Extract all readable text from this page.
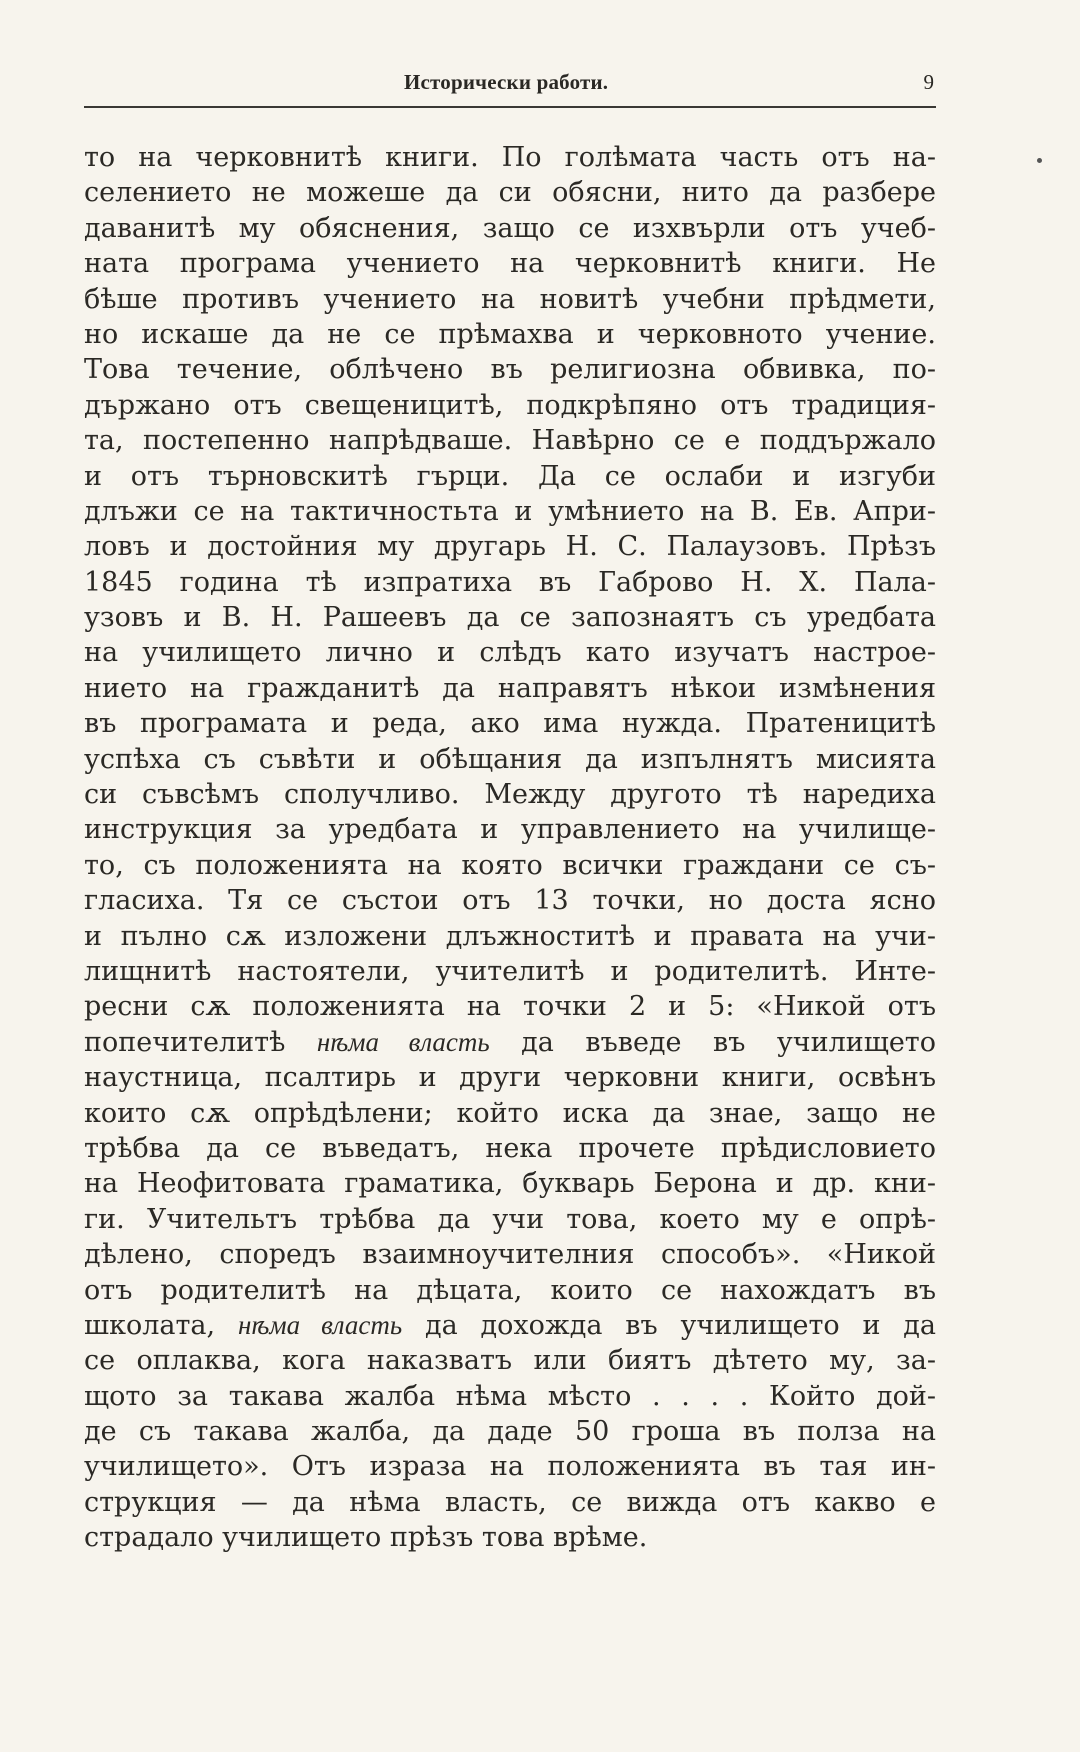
Исторически работи.	9
то на черковнитѣ книги. По голѣмата часть отъ на-
селението не можеше да си обясни, нито да разбере
даванитѣ му обяснения, защо се изхвърли отъ учеб-
ната програма учението на черковнитѣ книги. Не
бѣше противъ учението на новитѣ учебни прѣдмети,
но искаше да не се прѣмахва и черковното учение.
Това течение, облѣчено въ религиозна обвивка, по-
държано отъ свещеницитѣ, подкрѣпяно отъ традиция-
та, постепенно напрѣдваше. Навѣрно се е поддържало
и отъ търновскитѣ гърци. Да се ослаби и изгуби
длъжи се на тактичностьта и умѣнието на В. Ев. Апри-
ловъ и достойния му другарь Н. С. Палаузовъ. Прѣзъ
1845 година тѣ изпратиха въ Габрово Н. Х. Пала-
узовъ и В. Н. Рашеевъ да се запознаятъ съ уредбата
на училището лично и слѣдъ като изучатъ настрое-
нието на гражданитѣ да направятъ нѣкои измѣнения
въ програмата и реда, ако има нужда. Пратеницитѣ
успѣха съ съвѣти и обѣщания да изпълнятъ мисията
си съвсѣмъ сполучливо. Между другото тѣ наредиха
инструкция за уредбата и управлението на училище-
то, съ положенията на която всички граждани се съ-
гласиха. Тя се състои отъ 13 точки, но доста ясно
и пълно сѫ изложени длъжноститѣ и правата на учи-
лищнитѣ настоятели, учителитѣ и родителитѣ. Инте-
ресни сѫ положенията на точки 2 и 5: «Никой отъ
попечителитѣ нѣма власть да въведе въ училището
наустница, псалтирь и други черковни книги, освѣнъ
които сѫ опрѣдѣлени; който иска да знае, защо не
трѣбва да се въведатъ, нека прочете прѣдисловието
на Неофитовата граматика, букварь Берона и др. кни-
ги. Учительтъ трѣбва да учи това, което му е опрѣ-
дѣлено, споредъ взаимноучителния способъ». «Никой
отъ родителитѣ на дѣцата, които се нахождатъ въ
школата, нѣма власть да дохожда въ училището и да
се оплаква, кога наказватъ или биятъ дѣтето му, за-
щото за такава жалба нѣма мѣсто . . . . Който дой-
де съ такава жалба, да даде 50 гроша въ полза на
училището». Отъ израза на положенията въ тая ин-
струкция — да нѣма власть, се вижда отъ какво е
страдало училището прѣзъ това врѣме.
